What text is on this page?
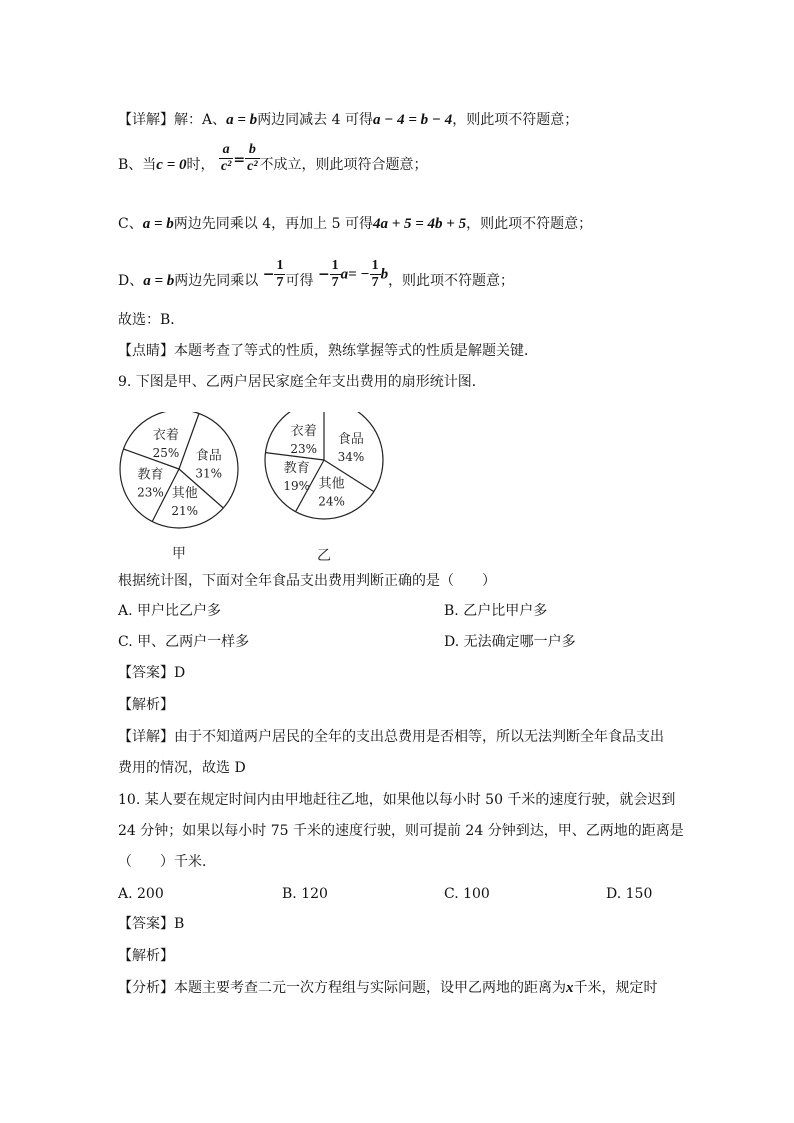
【详解】解：A、a = b两边同减去 4 可得a − 4 = b − 4，则此项不符题意；
B、当c = 0时， $\frac{a}{\text{c²}} = \frac{b}{\text{c²}}$ 不成立，则此项符合题意；
C、a = b两边先同乘以 4，再加上 5 可得4a + 5 = 4b + 5，则此项不符题意；
D、a = b两边先同乘以 − $\frac{1}{7}$ 可得 − $\frac{1}{7} a= - \frac{1}{7}$ b，则此项不符题意；
故选：B．
【点睛】本题考查了等式的性质，熟练掌握等式的性质是解题关键．
9. 下图是甲、乙两户居民家庭全年支出费用的扇形统计图．
衣着
25% 食品
31%
其他
21%
教育
23%
甲
衣着
23%
食品
34%
其他
24%
教育
19%
乙
根据统计图，下面对全年食品支出费用判断正确的是（　　）
A. 甲户比乙户多	B. 乙户比甲户多
C. 甲、乙两户一样多	D. 无法确定哪一户多
【答案】D
【解析】
【详解】由于不知道两户居民的全年的支出总费用是否相等，所以无法判断全年食品支出
费用的情况，故选 D
10. 某人要在规定时间内由甲地赶往乙地，如果他以每小时 50 千米的速度行驶，就会迟到
24 分钟；如果以每小时 75 千米的速度行驶，则可提前 24 分钟到达，甲、乙两地的距离是
（　　）千米．
A. 200	B. 120	C. 100	D. 150
【答案】B
【解析】
【分析】本题主要考查二元一次方程组与实际问题，设甲乙两地的距离为x千米，规定时
